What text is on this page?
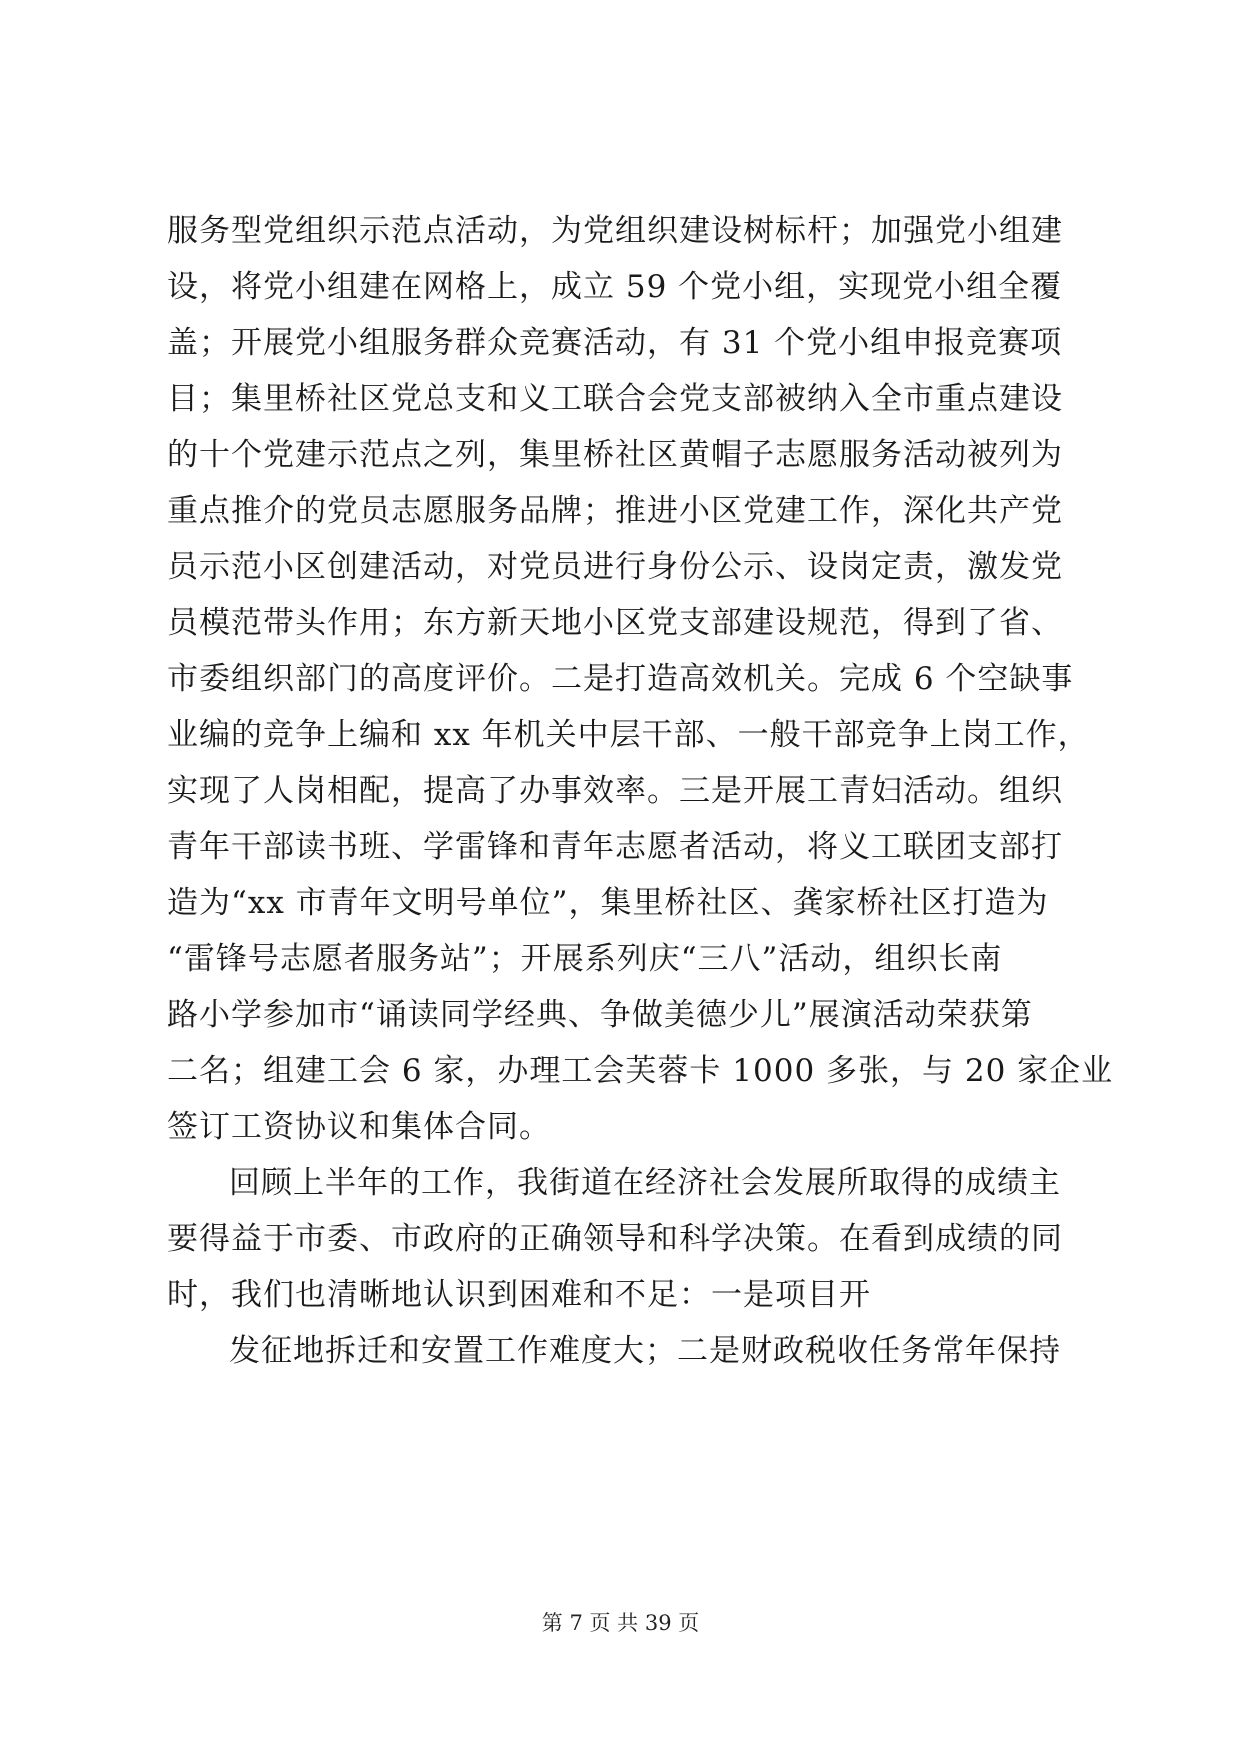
服务型党组织示范点活动，为党组织建设树标杆；加强党小组建
设，将党小组建在网格上，成立 59 个党小组，实现党小组全覆
盖；开展党小组服务群众竞赛活动，有 31 个党小组申报竞赛项
目；集里桥社区党总支和义工联合会党支部被纳入全市重点建设
的十个党建示范点之列，集里桥社区黄帽子志愿服务活动被列为
重点推介的党员志愿服务品牌；推进小区党建工作，深化共产党
员示范小区创建活动，对党员进行身份公示、设岗定责，激发党
员模范带头作用；东方新天地小区党支部建设规范，得到了省、
市委组织部门的高度评价。二是打造高效机关。完成 6 个空缺事
业编的竞争上编和 xx 年机关中层干部、一般干部竞争上岗工作，
实现了人岗相配，提高了办事效率。三是开展工青妇活动。组织
青年干部读书班、学雷锋和青年志愿者活动，将义工联团支部打
造为“xx 市青年文明号单位”，集里桥社区、龚家桥社区打造为
“雷锋号志愿者服务站”；开展系列庆“三八”活动，组织长南
路小学参加市“诵读同学经典、争做美德少儿”展演活动荣获第
二名；组建工会 6 家，办理工会芙蓉卡 1000 多张，与 20 家企业
签订工资协议和集体合同。
回顾上半年的工作，我街道在经济社会发展所取得的成绩主
要得益于市委、市政府的正确领导和科学决策。在看到成绩的同
时，我们也清晰地认识到困难和不足：一是项目开
发征地拆迁和安置工作难度大；二是财政税收任务常年保持
第 7 页 共 39 页
